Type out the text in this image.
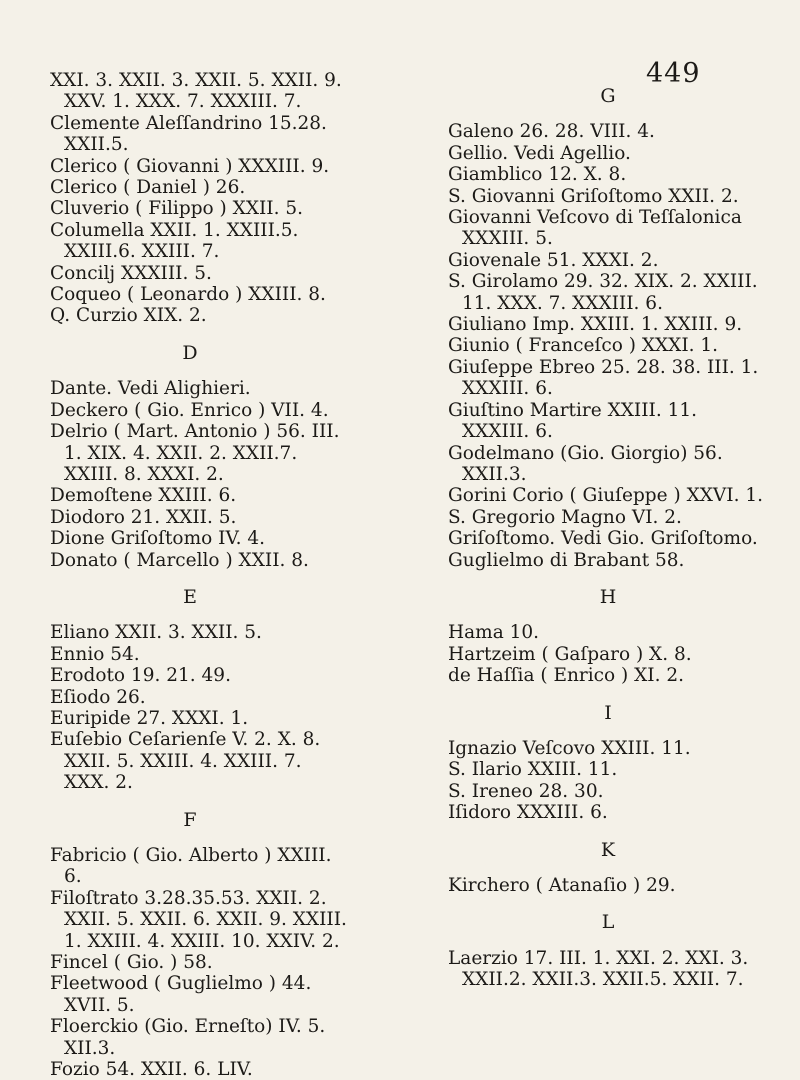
449
XXI. 3. XXII. 3. XXII. 5. XXII. 9. XXV. 1. XXX. 7. XXXIII. 7.
Clemente Aleſſandrino 15.28. XXII.5.
Clerico ( Giovanni ) XXXIII. 9.
Clerico ( Daniel ) 26.
Cluverio ( Filippo ) XXII. 5.
Columella XXII. 1. XXIII.5. XXIII.6. XXIII. 7.
Concilj XXXIII. 5.
Coqueo ( Leonardo ) XXIII. 8.
Q. Curzio XIX. 2.
D
Dante. Vedi Alighieri.
Deckero ( Gio. Enrico ) VII. 4.
Delrio ( Mart. Antonio ) 56. III. 1. XIX. 4. XXII. 2. XXII.7. XXIII. 8. XXXI. 2.
Demoſtene XXIII. 6.
Diodoro 21. XXII. 5.
Dione Griſoſtomo IV. 4.
Donato ( Marcello ) XXII. 8.
E
Eliano XXII. 3. XXII. 5.
Ennio 54.
Erodoto 19. 21. 49.
Eſiodo 26.
Euripide 27. XXXI. 1.
Euſebio Ceſarienſe V. 2. X. 8. XXII. 5. XXIII. 4. XXIII. 7. XXX. 2.
F
Fabricio ( Gio. Alberto ) XXIII. 6.
Filoſtrato 3.28.35.53. XXII. 2. XXII. 5. XXII. 6. XXII. 9. XXIII. 1. XXIII. 4. XXIII. 10. XXIV. 2.
Fincel ( Gio. ) 58.
Fleetwood ( Guglielmo ) 44. XVII. 5.
Floerckio (Gio. Erneſto) IV. 5. XII.3.
Fozio 54. XXII. 6. LIV.
G
Galeno 26. 28. VIII. 4.
Gellio. Vedi Agellio.
Giamblico 12. X. 8.
S. Giovanni Griſoſtomo XXII. 2.
Giovanni Veſcovo di Teſſalonica XXXIII. 5.
Giovenale 51. XXXI. 2.
S. Girolamo 29. 32. XIX. 2. XXIII. 11. XXX. 7. XXXIII. 6.
Giuliano Imp. XXIII. 1. XXIII. 9.
Giunio ( Franceſco ) XXXI. 1.
Giuſeppe Ebreo 25. 28. 38. III. 1. XXXIII. 6.
Giuſtino Martire XXIII. 11. XXXIII. 6.
Godelmano (Gio. Giorgio) 56. XXII.3.
Gorini Corio ( Giuſeppe ) XXVI. 1.
S. Gregorio Magno VI. 2.
Griſoſtomo. Vedi Gio. Griſoſtomo.
Guglielmo di Brabant 58.
H
Hama 10.
Hartzeim ( Gaſparo ) X. 8.
de Haſſia ( Enrico ) XI. 2.
I
Ignazio Veſcovo XXIII. 11.
S. Ilario XXIII. 11.
S. Ireneo 28. 30.
Iſidoro XXXIII. 6.
K
Kirchero ( Atanaſio ) 29.
L
Laerzio 17. III. 1. XXI. 2. XXI. 3. XXII.2. XXII.3. XXII.5. XXII. 7.
